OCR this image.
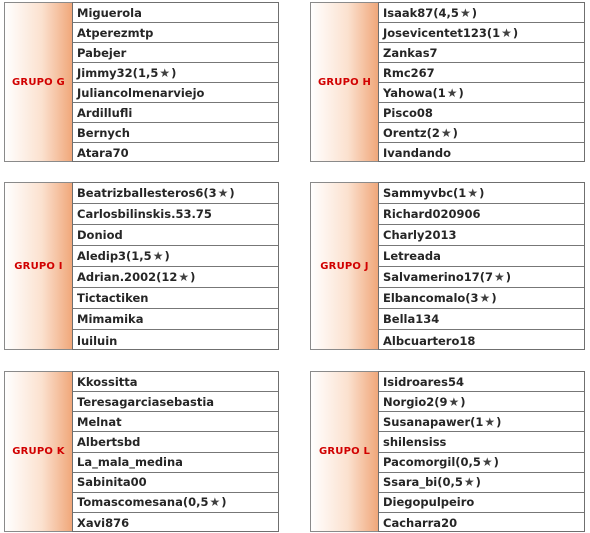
GRUPO G
Miguerola
Atperezmtp
Pabejer
Jimmy32(1,5 ★ )
Juliancolmenarviejo
Ardillufli
Bernych
Atara70
GRUPO H
Isaak87(4,5 ★ )
Josevicentet123(1 ★ )
Zankas7
Rmc267
Yahowa(1 ★ )
Pisco08
Orentz(2 ★ )
Ivandando
GRUPO I
Beatrizballesteros6(3 ★ )
Carlosbilinskis.53.75
Doniod
Aledip3(1,5 ★ )
Adrian.2002(12 ★ )
Tictactiken
Mimamika
luiluin
GRUPO J
Sammyvbc(1 ★ )
Richard020906
Charly2013
Letreada
Salvamerino17(7 ★ )
Elbancomalo(3 ★ )
Bella134
Albcuartero18
GRUPO K
Kkossitta
Teresagarciasebastia
Melnat
Albertsbd
La_mala_medina
Sabinita00
Tomascomesana(0,5 ★ )
Xavi876
GRUPO L
Isidroares54
Norgio2(9 ★ )
Susanapawer(1 ★ )
shilensiss
Pacomorgil(0,5 ★ )
Ssara_bi(0,5 ★ )
Diegopulpeiro
Cacharra20
